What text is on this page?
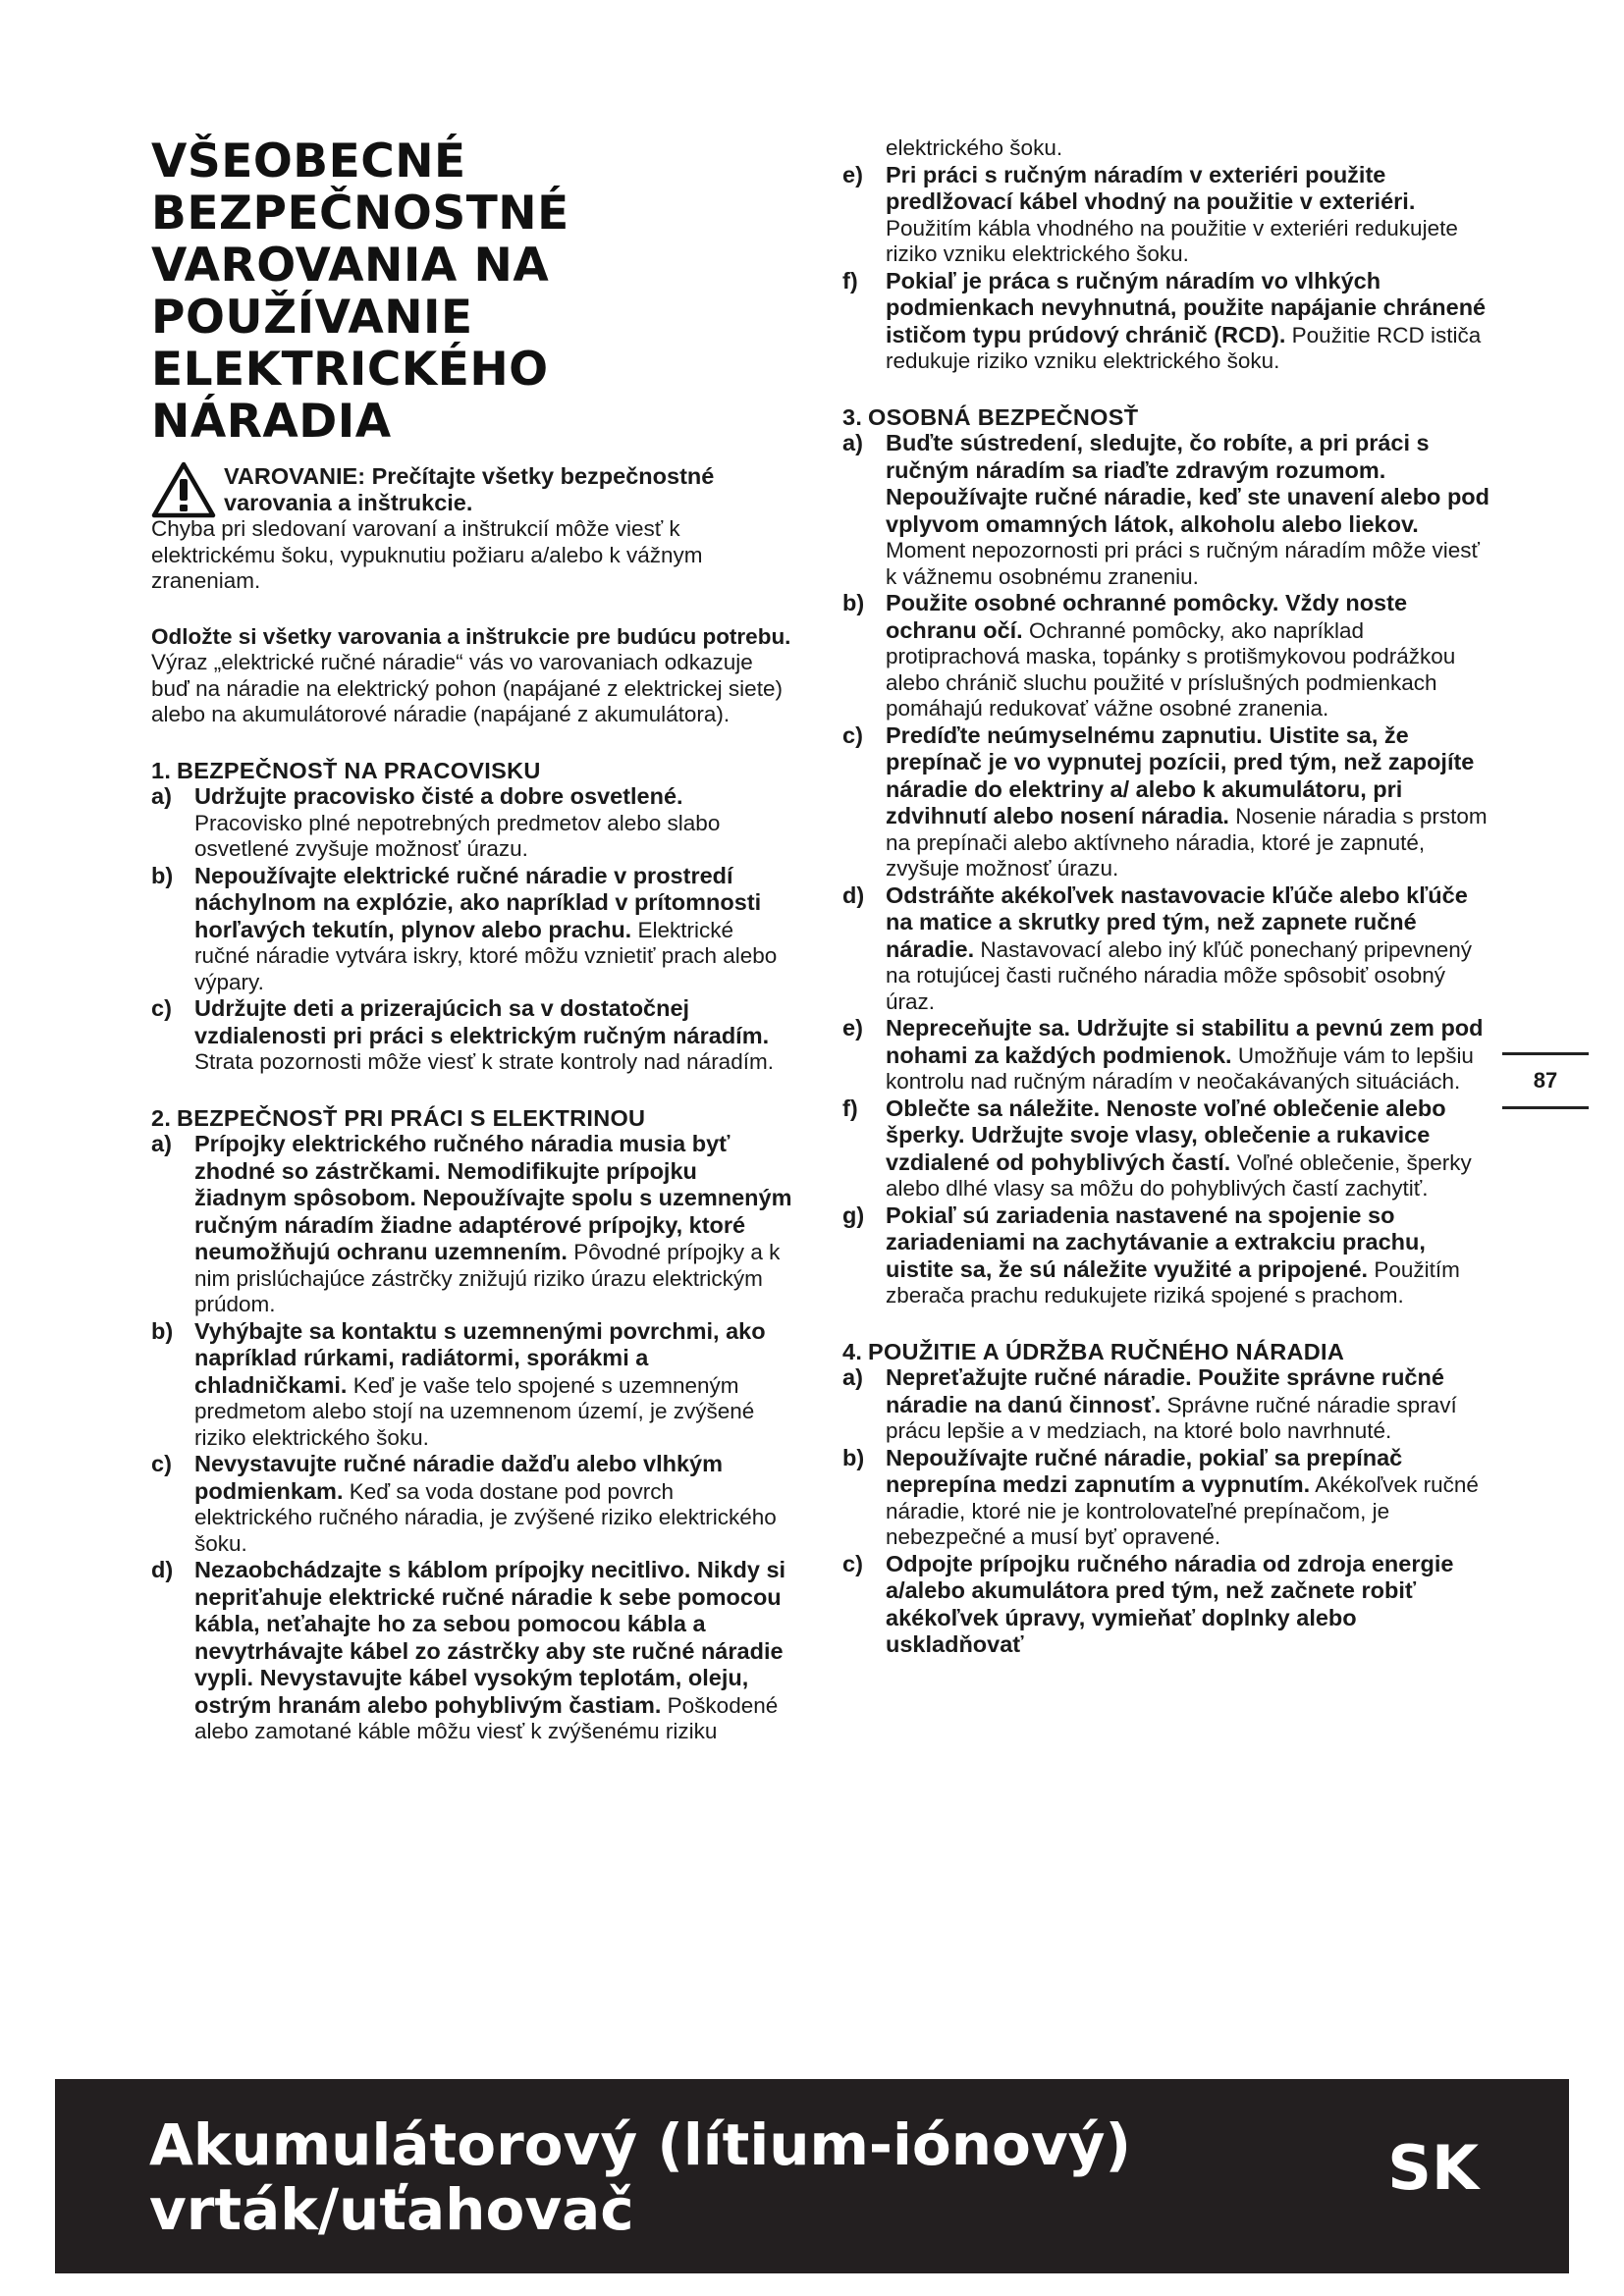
VŠEOBECNÉ
BEZPEČNOSTNÉ
VAROVANIA NA
POUŽÍVANIE
ELEKTRICKÉHO
NÁRADIA
VAROVANIE: Prečítajte všetky bezpečnostné varovania a inštrukcie.

Chyba pri sledovaní varovaní a inštrukcií môže viesť k elektrickému šoku, vypuknutiu požiaru a/alebo k vážnym zraneniam.

Odložte si všetky varovania a inštrukcie pre budúcu potrebu.

Výraz „elektrické ručné náradie“ vás vo varovaniach odkazuje buď na náradie na elektrický pohon (napájané z elektrickej siete) alebo na akumulátorové náradie (napájané z akumulátora).

1. BEZPEČNOSŤ NA PRACOVISKU
a) Udržujte pracovisko čisté a dobre osvetlené. Pracovisko plné nepotrebných predmetov alebo slabo osvetlené zvyšuje možnosť úrazu.
b) Nepoužívajte elektrické ručné náradie v prostredí náchylnom na explózie, ako napríklad v prítomnosti horľavých tekutín, plynov alebo prachu. Elektrické ručné náradie vytvára iskry, ktoré môžu vznietiť prach alebo výpary.
c) Udržujte deti a prizerajúcich sa v dostatočnej vzdialenosti pri práci s elektrickým ručným náradím. Strata pozornosti môže viesť k strate kontroly nad náradím.
2. BEZPEČNOSŤ PRI PRÁCI S ELEKTRINOU
a) Prípojky elektrického ručného náradia musia byť zhodné so zástrčkami. Nemodifikujte prípojku žiadnym spôsobom. Nepoužívajte spolu s uzemneným ručným náradím žiadne adaptérové prípojky, ktoré neumožňujú ochranu uzemnením. Pôvodné prípojky a k nim prislúchajúce zástrčky znižujú riziko úrazu elektrickým prúdom.
b) Vyhýbajte sa kontaktu s uzemnenými povrchmi, ako napríklad rúrkami, radiátormi, sporákmi a chladničkami. Keď je vaše telo spojené s uzemneným predmetom alebo stojí na uzemnenom území, je zvýšené riziko elektrického šoku.
c) Nevystavujte ručné náradie dažďu alebo vlhkým podmienkam. Keď sa voda dostane pod povrch elektrického ručného náradia, je zvýšené riziko elektrického šoku.
d) Nezaobchádzajte s káblom prípojky necitlivo. Nikdy si nepriťahuje elektrické ručné náradie k sebe pomocou kábla, neťahajte ho za sebou pomocou kábla a nevytrhávajte kábel zo zástrčky aby ste ručné náradie vypli. Nevystavujte kábel vysokým teplotám, oleju, ostrým hranám alebo pohyblivým častiam. Poškodené alebo zamotané káble môžu viesť k zvýšenému riziku
elektrického šoku.
e) Pri práci s ručným náradím v exteriéri použite predlžovací kábel vhodný na použitie v exteriéri. Použitím kábla vhodného na použitie v exteriéri redukujete riziko vzniku elektrického šoku.
f) Pokiaľ je práca s ručným náradím vo vlhkých podmienkach nevyhnutná, použite napájanie chránené ističom typu prúdový chránič (RCD). Použitie RCD ističa redukuje riziko vzniku elektrického šoku.
3. OSOBNÁ BEZPEČNOSŤ
a) Buďte sústredení, sledujte, čo robíte, a pri práci s ručným náradím sa riaďte zdravým rozumom. Nepoužívajte ručné náradie, keď ste unavení alebo pod vplyvom omamných látok, alkoholu alebo liekov. Moment nepozornosti pri práci s ručným náradím môže viesť k vážnemu osobnému zraneniu.
b) Použite osobné ochranné pomôcky. Vždy noste ochranu očí. Ochranné pomôcky, ako napríklad protiprachová maska, topánky s protišmykovou podrážkou alebo chránič sluchu použité v príslušných podmienkach pomáhajú redukovať vážne osobné zranenia.
c) Predíďte neúmyselnému zapnutiu. Uistite sa, že prepínač je vo vypnutej pozícii, pred tým, než zapojíte náradie do elektriny a/ alebo k akumulátoru, pri zdvihnutí alebo nosení náradia. Nosenie náradia s prstom na prepínači alebo aktívneho náradia, ktoré je zapnuté, zvyšuje možnosť úrazu.
d) Odstráňte akékoľvek nastavovacie kľúče alebo kľúče na matice a skrutky pred tým, než zapnete ručné náradie. Nastavovací alebo iný kľúč ponechaný pripevnený na rotujúcej časti ručného náradia môže spôsobiť osobný úraz.
e) Nepreceňujte sa. Udržujte si stabilitu a pevnú zem pod nohami za každých podmienok. Umožňuje vám to lepšiu kontrolu nad ručným náradím v neočakávaných situáciách.
f) Oblečte sa náležite. Nenoste voľné oblečenie alebo šperky. Udržujte svoje vlasy, oblečenie a rukavice vzdialené od pohyblivých častí. Voľné oblečenie, šperky alebo dlhé vlasy sa môžu do pohyblivých častí zachytiť.
g) Pokiaľ sú zariadenia nastavené na spojenie so zariadeniami na zachytávanie a extrakciu prachu, uistite sa, že sú náležite využité a pripojené. Použitím zberača prachu redukujete riziká spojené s prachom.
4. POUŽITIE A ÚDRŽBA RUČNÉHO NÁRADIA
a) Nepreťažujte ručné náradie. Použite správne ručné náradie na danú činnosť. Správne ručné náradie spraví prácu lepšie a v medziach, na ktoré bolo navrhnuté.
b) Nepoužívajte ručné náradie, pokiaľ sa prepínač neprepína medzi zapnutím a vypnutím. Akékoľvek ručné náradie, ktoré nie je kontrolovateľné prepínačom, je nebezpečné a musí byť opravené.
c) Odpojte prípojku ručného náradia od zdroja energie a/alebo akumulátora pred tým, než začnete robiť akékoľvek úpravy, vymieňať doplnky alebo uskladňovať
87
Akumulátorový (lítium-iónový)
vrták/uťahovač
SK
